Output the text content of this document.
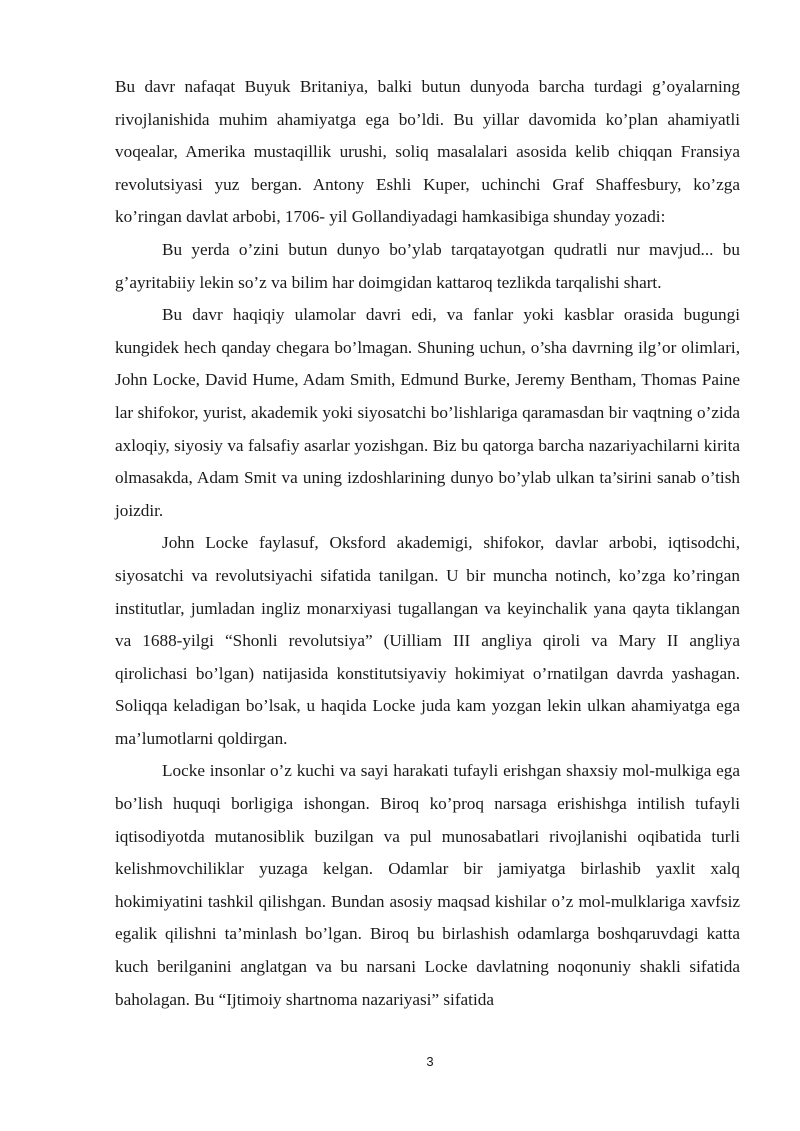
Bu davr nafaqat Buyuk Britaniya, balki butun dunyoda barcha turdagi g’oyalarning rivojlanishida muhim ahamiyatga ega bo’ldi. Bu yillar davomida ko’plan ahamiyatli voqealar, Amerika mustaqillik urushi, soliq masalalari asosida kelib chiqqan Fransiya revolutsiyasi yuz bergan. Antony Eshli Kuper, uchinchi Graf Shaffesbury, ko’zga ko’ringan davlat arbobi, 1706- yil Gollandiyadagi hamkasibiga shunday yozadi:

Bu yerda o’zini butun dunyo bo’ylab tarqatayotgan qudratli nur mavjud... bu g’ayritabiiy lekin so’z va bilim har doimgidan kattaroq tezlikda tarqalishi shart.

Bu davr haqiqiy ulamolar davri edi, va fanlar yoki kasblar orasida bugungi kungidek hech qanday chegara bo’lmagan. Shuning uchun, o’sha davrning ilg’or olimlari, John Locke, David Hume, Adam Smith, Edmund Burke, Jeremy Bentham, Thomas Paine lar shifokor, yurist, akademik yoki siyosatchi bo’lishlariga qaramasdan bir vaqtning o’zida axloqiy, siyosiy va falsafiy asarlar yozishgan. Biz bu qatorga barcha nazariyachilarni kirita olmasakda, Adam Smit va uning izdoshlarining dunyo bo’ylab ulkan ta’sirini sanab o’tish joizdir.

John Locke faylasuf, Oksford akademigi, shifokor, davlar arbobi, iqtisodchi, siyosatchi va revolutsiyachi sifatida tanilgan. U bir muncha notinch, ko’zga ko’ringan institutlar, jumladan ingliz monarxiyasi tugallangan va keyinchalik yana qayta tiklangan va 1688-yilgi “Shonli revolutsiya” (Uilliam III angliya qiroli va Mary II angliya qirolichasi bo’lgan) natijasida konstitutsiyaviy hokimiyat o’rnatilgan davrda yashagan. Soliqqa keladigan bo’lsak, u haqida Locke juda kam yozgan lekin ulkan ahamiyatga ega ma’lumotlarni qoldirgan.

Locke insonlar o’z kuchi va sayi harakati tufayli erishgan shaxsiy mol-mulkiga ega bo’lish huquqi borligiga ishongan. Biroq ko’proq narsaga erishishga intilish tufayli iqtisodiyotda mutanosiblik buzilgan va pul munosabatlari rivojlanishi oqibatida turli kelishmovchiliklar yuzaga kelgan. Odamlar bir jamiyatga birlashib yaxlit xalq hokimiyatini tashkil qilishgan. Bundan asosiy maqsad kishilar o’z mol-mulklariga xavfsiz egalik qilishni ta’minlash bo’lgan. Biroq bu birlashish odamlarga boshqaruvdagi katta kuch berilganini anglatgan va bu narsani Locke davlatning noqonuniy shakli sifatida baholagan. Bu “Ijtimoiy shartnoma nazariyasi” sifatida

3
